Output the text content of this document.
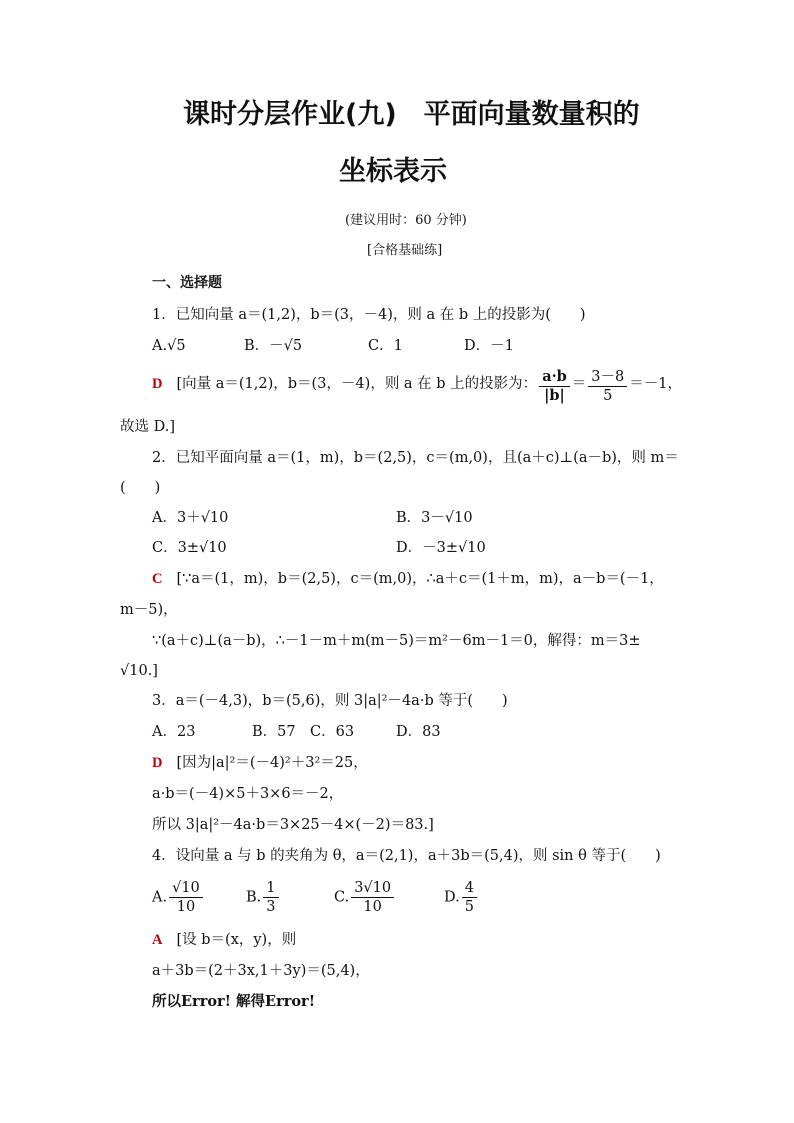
课时分层作业(九)　平面向量数量积的
坐标表示
(建议用时：60 分钟)
[合格基础练]
一、选择题
1．已知向量 a＝(1,2)，b＝(3，－4)，则 a 在 b 上的投影为(　　)
A.√5	B．－√5	C．1	D．－1
D [向量 a＝(1,2)，b＝(3，－4)，则 a 在 b 上的投影为： $\frac{a\cdot b}{|b|} = \frac{3-8}{5} =-1$，
故选 D.]
2．已知平面向量 a＝(1，m)，b＝(2,5)，c＝(m,0)，且(a＋c)⊥(a－b)，则 m＝
(　　)
A．3＋√10	B．3－√10
C．3±√10	D．－3±√10
C [∵a＝(1，m)，b＝(2,5)，c＝(m,0)，∴a＋c＝(1＋m，m)，a－b＝(－1，
m－5)，
∵(a＋c)⊥(a－b)，∴－1－m＋m(m－5)＝m²－6m－1＝0，解得：m＝3±
√10.]
3．a＝(－4,3)，b＝(5,6)，则 3|a|²－4a·b 等于(　　)
A．23	B．57 C．63	D．83
D [因为|a|²＝(－4)²＋3²＝25，
a·b＝(－4)×5＋3×6＝－2，
所以 3|a|²－4a·b＝3×25－4×(－2)＝83.]
4．设向量 a 与 b 的夹角为 θ，a＝(2,1)，a＋3b＝(5,4)，则 sin θ 等于(　　)
A. $\frac{√10}{10}$	B. $\frac{1}{3}$	C. $\frac{3√10}{10}$	D. $\frac{4}{5}$
A [设 b＝(x，y)，则
a＋3b＝(2＋3x,1＋3y)＝(5,4)，
所以Error! 解得Error!
